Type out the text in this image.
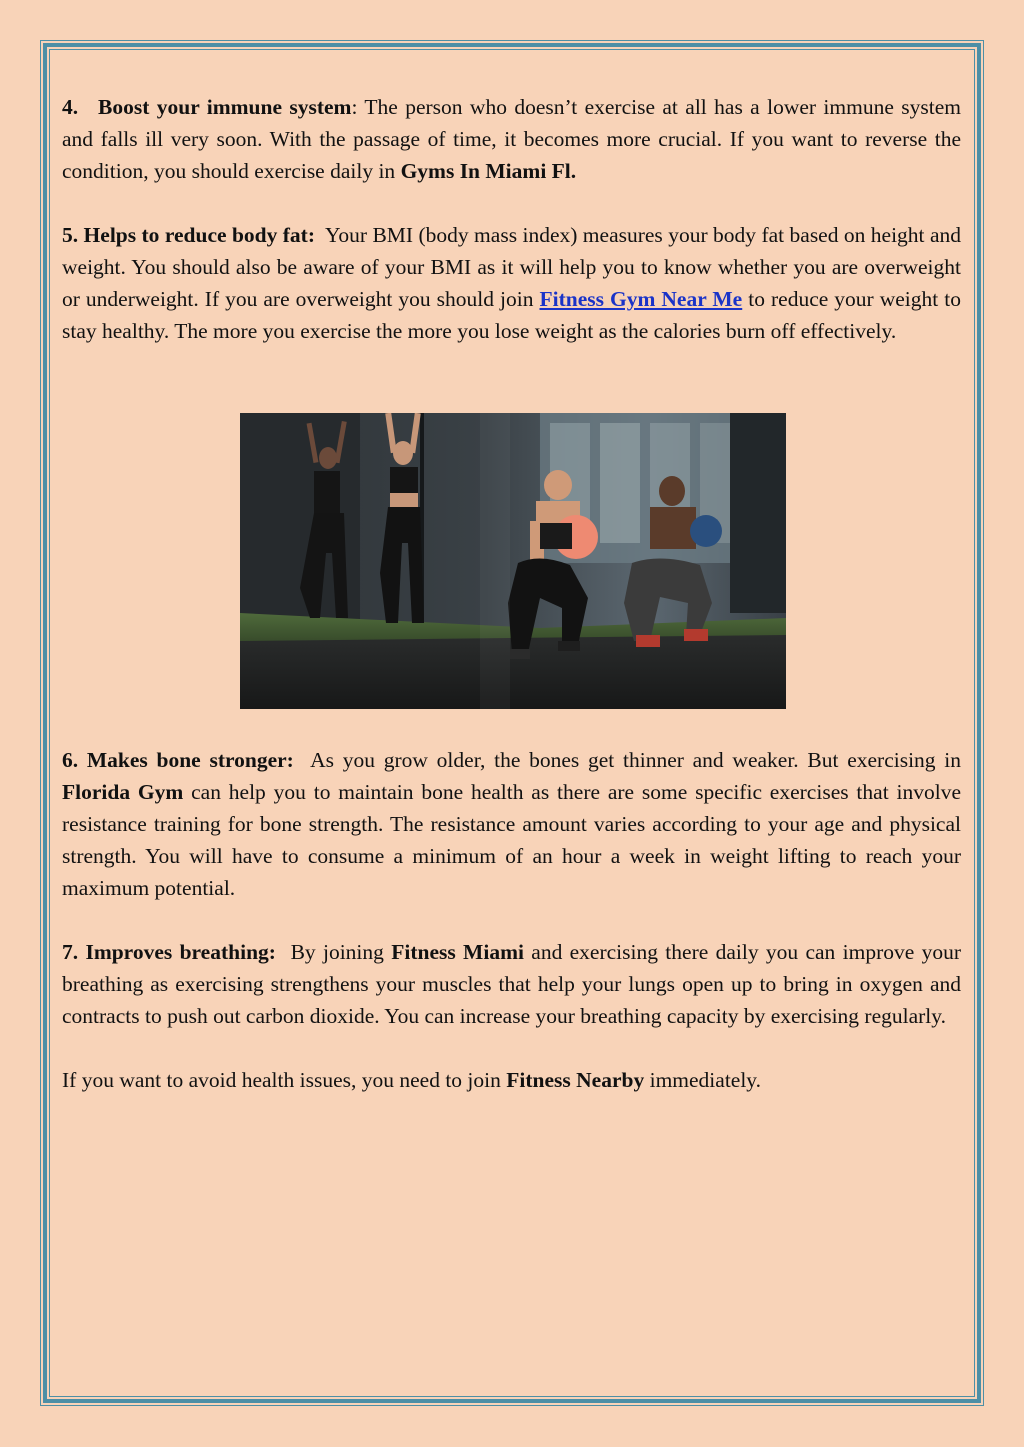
4. Boost your immune system: The person who doesn’t exercise at all has a lower immune system and falls ill very soon. With the passage of time, it becomes more crucial. If you want to reverse the condition, you should exercise daily in Gyms In Miami Fl.

5. Helps to reduce body fat:  Your BMI (body mass index) measures your body fat based on height and weight. You should also be aware of your BMI as it will help you to know whether you are overweight or underweight. If you are overweight you should join Fitness Gym Near Me to reduce your weight to stay healthy. The more you exercise the more you lose weight as the calories burn off effectively.

6. Makes bone stronger:  As you grow older, the bones get thinner and weaker. But exercising in Florida Gym can help you to maintain bone health as there are some specific exercises that involve resistance training for bone strength. The resistance amount varies according to your age and physical strength. You will have to consume a minimum of an hour a week in weight lifting to reach your maximum potential.

7. Improves breathing:  By joining Fitness Miami and exercising there daily you can improve your breathing as exercising strengthens your muscles that help your lungs open up to bring in oxygen and contracts to push out carbon dioxide. You can increase your breathing capacity by exercising regularly.

If you want to avoid health issues, you need to join Fitness Nearby immediately.
